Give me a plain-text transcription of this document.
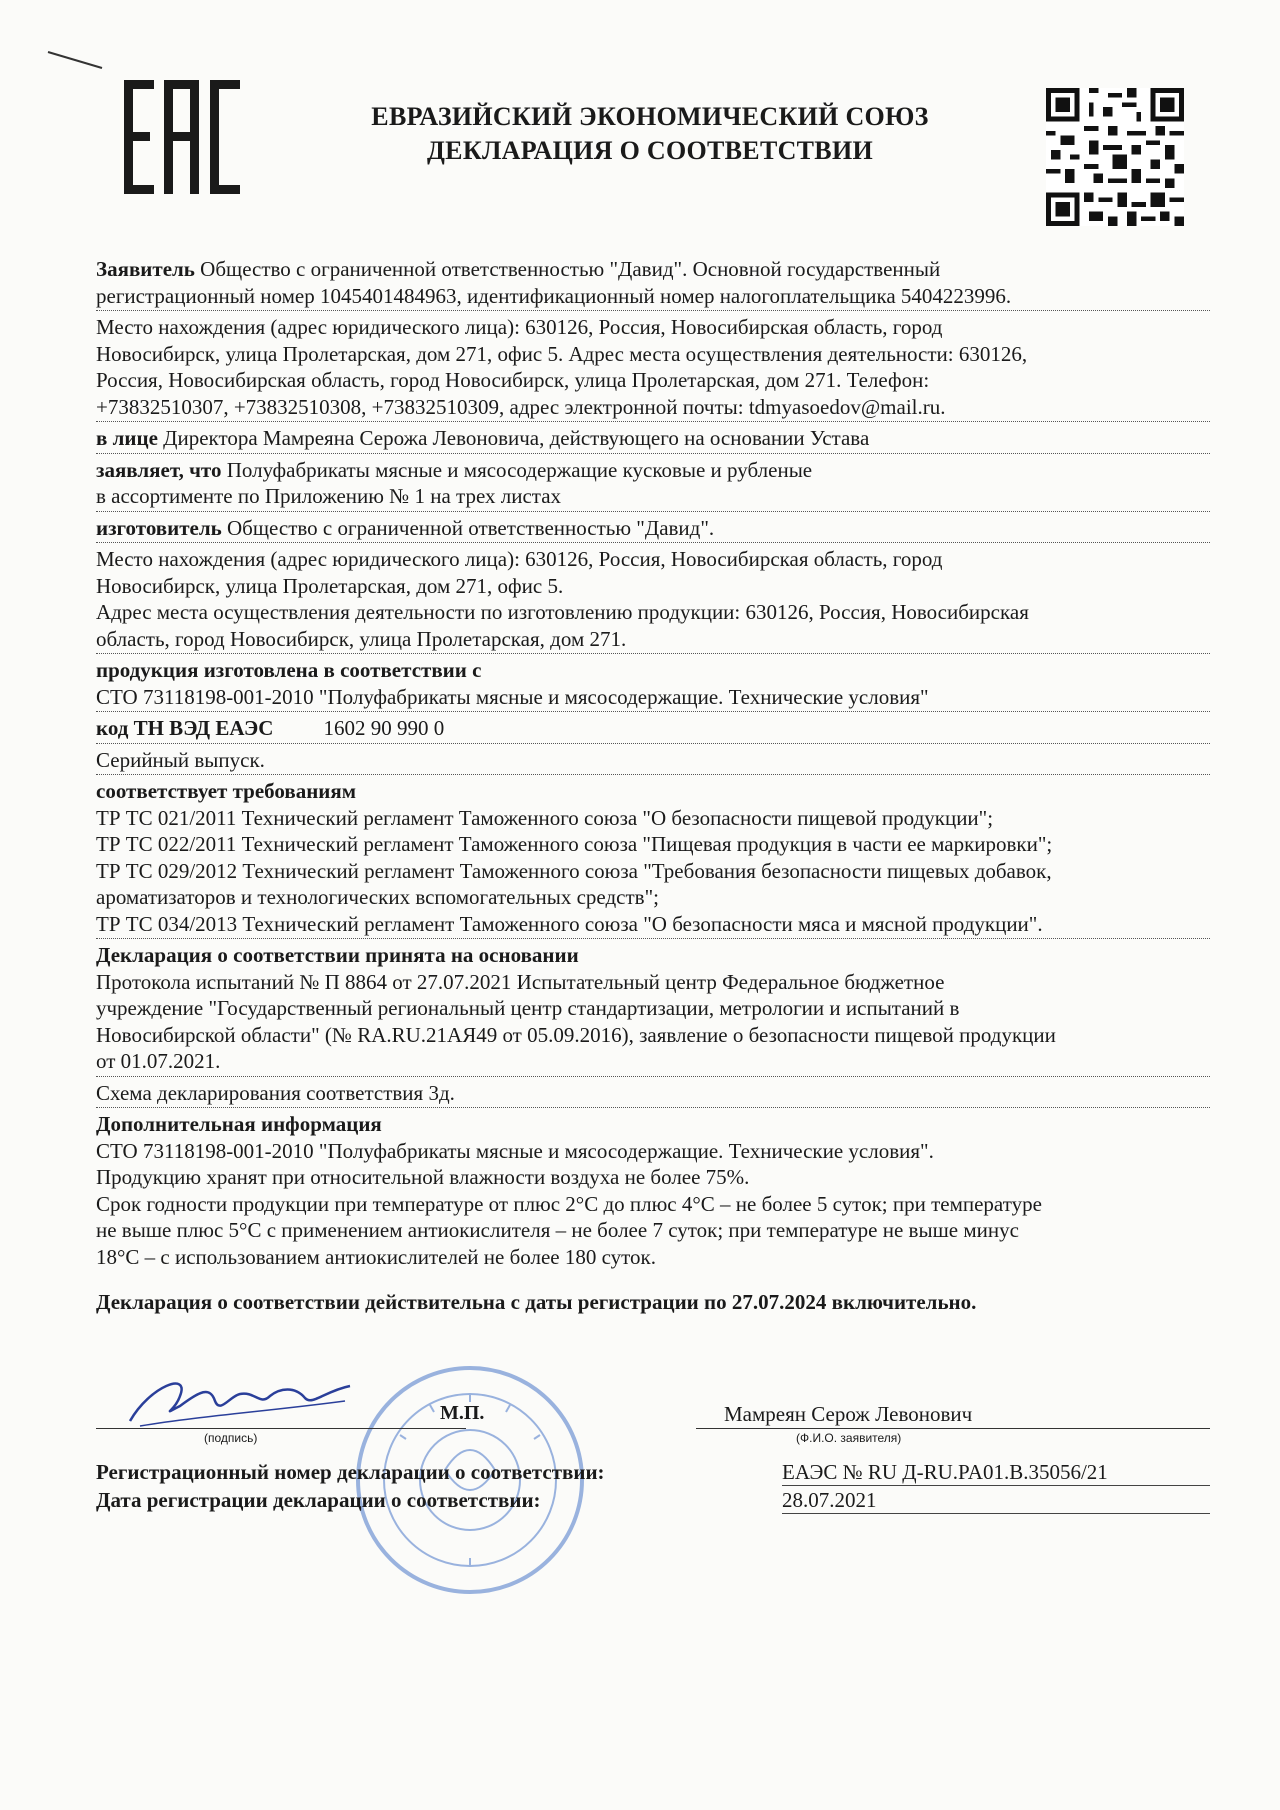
ЕВРАЗИЙСКИЙ ЭКОНОМИЧЕСКИЙ СОЮЗ
ДЕКЛАРАЦИЯ О СООТВЕТСТВИИ
Заявитель Общество с ограниченной ответственностью "Давид". Основной государственный
регистрационный номер 1045401484963, идентификационный номер налогоплательщика 5404223996.
Место нахождения (адрес юридического лица): 630126, Россия, Новосибирская область, город
Новосибирск, улица Пролетарская, дом 271, офис 5. Адрес места осуществления деятельности: 630126,
Россия, Новосибирская область, город Новосибирск, улица Пролетарская, дом 271. Телефон:
+73832510307, +73832510308, +73832510309, адрес электронной почты: tdmyasoedov@mail.ru.
в лице Директора Мамреяна Серожа Левоновича, действующего на основании Устава
заявляет, что Полуфабрикаты мясные и мясосодержащие кусковые и рубленые
в ассортименте по Приложению № 1 на трех листах
изготовитель Общество с ограниченной ответственностью "Давид".
Место нахождения (адрес юридического лица): 630126, Россия, Новосибирская область, город
Новосибирск, улица Пролетарская, дом 271, офис 5.
Адрес места осуществления деятельности по изготовлению продукции: 630126, Россия, Новосибирская
область, город Новосибирск, улица Пролетарская, дом 271.
продукция изготовлена в соответствии с
СТО 73118198-001-2010 "Полуфабрикаты мясные и мясосодержащие. Технические условия"
код ТН ВЭД ЕАЭС 1602 90 990 0
Серийный выпуск.
соответствует требованиям
ТР ТС 021/2011 Технический регламент Таможенного союза "О безопасности пищевой продукции";
ТР ТС 022/2011 Технический регламент Таможенного союза "Пищевая продукция в части ее маркировки";
ТР ТС 029/2012 Технический регламент Таможенного союза "Требования безопасности пищевых добавок,
ароматизаторов и технологических вспомогательных средств";
ТР ТС 034/2013 Технический регламент Таможенного союза "О безопасности мяса и мясной продукции".
Декларация о соответствии принята на основании
Протокола испытаний № П 8864 от 27.07.2021 Испытательный центр Федеральное бюджетное
учреждение "Государственный региональный центр стандартизации, метрологии и испытаний в
Новосибирской области" (№ RA.RU.21АЯ49 от 05.09.2016), заявление о безопасности пищевой продукции
от 01.07.2021.
Схема декларирования соответствия 3д.
Дополнительная информация
СТО 73118198-001-2010 "Полуфабрикаты мясные и мясосодержащие. Технические условия".
Продукцию хранят при относительной влажности воздуха не более 75%.
Срок годности продукции при температуре от плюс 2°С до плюс 4°С – не более 5 суток; при температуре
не выше плюс 5°С с применением антиокислителя – не более 7 суток; при температуре не выше минус
18°С – с использованием антиокислителей не более 180 суток.
Декларация о соответствии действительна с даты регистрации по 27.07.2024 включительно.
(подпись)
М.П.	Мамреян Серож Левонович
(Ф.И.О. заявителя)
Регистрационный номер декларации о соответствии:	ЕАЭС № RU Д-RU.PA01.B.35056/21
Дата регистрации декларации о соответствии:	28.07.2021
